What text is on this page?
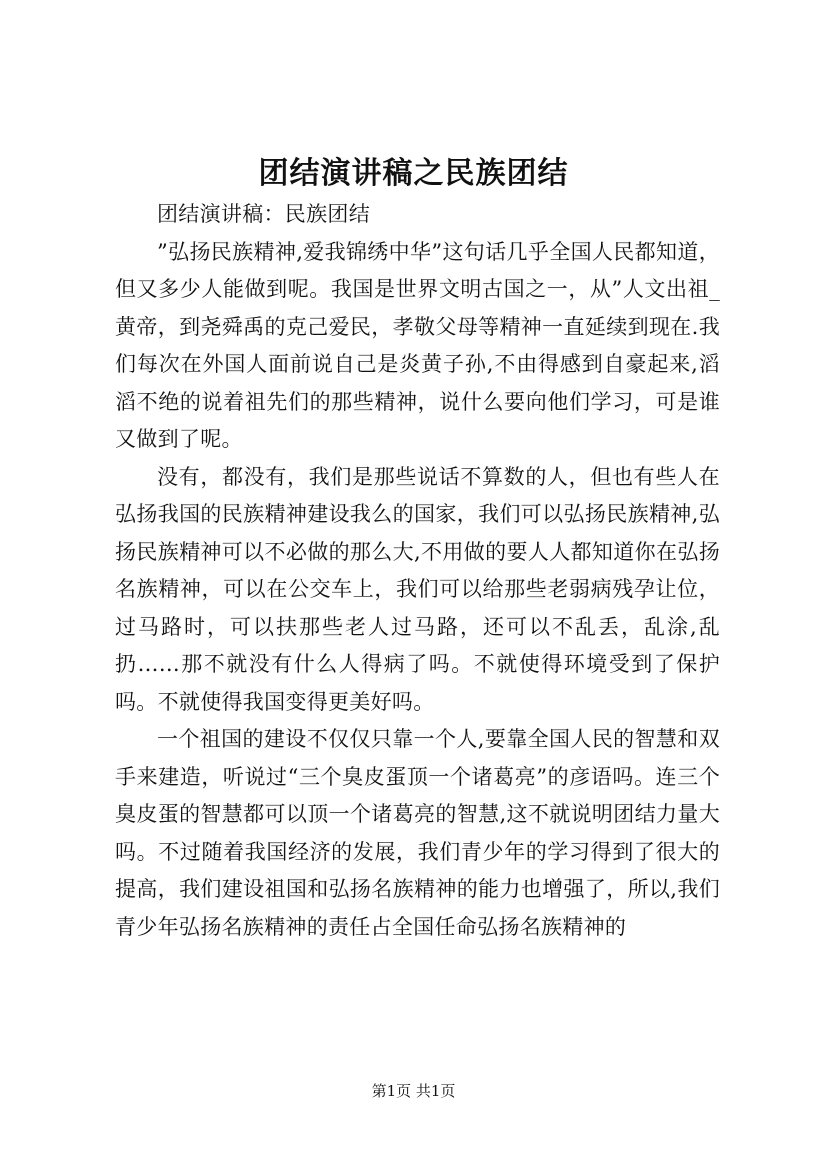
团结演讲稿之民族团结

团结演讲稿：民族团结

”弘扬民族精神,爱我锦绣中华”这句话几乎全国人民都知道，但又多少人能做到呢。我国是世界文明古国之一，从”人文出祖_黄帝，到尧舜禹的克己爱民，孝敬父母等精神一直延续到现在.我们每次在外国人面前说自己是炎黄子孙,不由得感到自豪起来,滔滔不绝的说着祖先们的那些精神，说什么要向他们学习，可是谁又做到了呢。

没有，都没有，我们是那些说话不算数的人，但也有些人在弘扬我国的民族精神建设我么的国家，我们可以弘扬民族精神,弘扬民族精神可以不必做的那么大,不用做的要人人都知道你在弘扬名族精神，可以在公交车上，我们可以给那些老弱病残孕让位，过马路时，可以扶那些老人过马路，还可以不乱丢，乱涂,乱扔……那不就没有什么人得病了吗。不就使得环境受到了保护吗。不就使得我国变得更美好吗。

一个祖国的建设不仅仅只靠一个人,要靠全国人民的智慧和双手来建造，听说过“三个臭皮蛋顶一个诸葛亮”的彦语吗。连三个臭皮蛋的智慧都可以顶一个诸葛亮的智慧,这不就说明团结力量大吗。不过随着我国经济的发展，我们青少年的学习得到了很大的提高，我们建设祖国和弘扬名族精神的能力也增强了，所以,我们青少年弘扬名族精神的责任占全国任命弘扬名族精神的

第1页 共1页
